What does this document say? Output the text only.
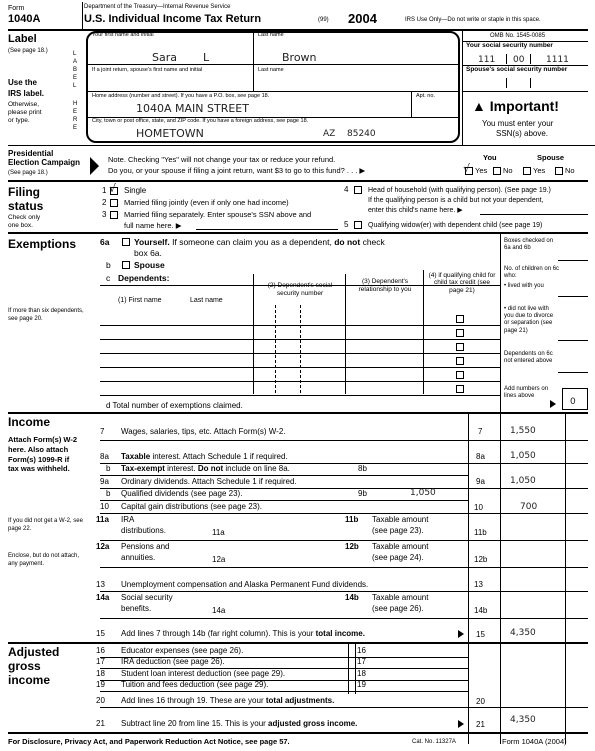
Form
1040A
Department of the Treasury—Internal Revenue Service
U.S. Individual Income Tax Return	(99) 2004	IRS Use Only—Do not write or staple in this space.
Label
(See page 18.)
Use the
IRS label.
Otherwise,
please print
or type.
L
A
B
E
L
H
E
R
E
Your first name and initial	Last name
Sara L	Brown
If a joint return, spouse's first name and initial	Last name
Home address (number and street). If you have a P.O. box, see page 18.	Apt. no.
1040A MAIN STREET
City, town or post office, state, and ZIP code. If you have a foreign address, see page 18.
HOMETOWN	AZ 85240
OMB No. 1545-0085
Your social security number
111 00 1111
Spouse's social security number
▲ Important!
You must enter your
SSN(s) above.
Presidential
Election Campaign
(See page 18.)
Note. Checking "Yes" will not change your tax or reduce your refund.
Do you, or your spouse if filing a joint return, want $3 to go to this fund? . . . ▶
You	Spouse
√ Yes No	Yes	No
Filing
status
Check only
one box.
1 √ Single
2 Married filing jointly (even if only one had income)
3 Married filing separately. Enter spouse's SSN above and
full name here. ▶
4	Head of household (with qualifying person). (See page 19.)
If the qualifying person is a child but not your dependent,
enter this child's name here. ▶
5	Qualifying widow(er) with dependent child (see page 19)
Exemptions	6a	Yourself. If someone can claim you as a dependent, do not check
box 6a.
b	Spouse
c Dependents:
(1) First name	Last name
(2) Dependent's social security number
(3) Dependent's relationship to you
(4) if qualifying child for child tax credit (see page 21)
If more than six dependents, see page 20.
d Total number of exemptions claimed.
Boxes checked on 6a and 6b
No. of children on 6c who:
• lived with you
• did not live with you due to divorce or separation (see page 21)
Dependents on 6c not entered above
Add numbers on lines above
0
Income
Attach Form(s) W-2 here. Also attach Form(s) 1099-R if tax was withheld.
If you did not get a W-2, see page 22.
Enclose, but do not attach, any payment.
7 Wages, salaries, tips, etc. Attach Form(s) W-2.	7	1,550
8a Taxable interest. Attach Schedule 1 if required.	8a	1,050
b Tax-exempt interest. Do not include on line 8a.	8b
9a Ordinary dividends. Attach Schedule 1 if required.	9a	1,050
b Qualified dividends (see page 23).	9b	1,050
10 Capital gain distributions (see page 23).	10	700
11a IRA
distributions.	11a
11b Taxable amount
(see page 23).	11b
12a Pensions and
annuities.	12a
12b Taxable amount
(see page 24).	12b
13 Unemployment compensation and Alaska Permanent Fund dividends.	13
14a Social security
benefits.	14a
14b Taxable amount
(see page 26).	14b
15 Add lines 7 through 14b (far right column). This is your total income.	15	4,350
Adjusted
gross
income
16 Educator expenses (see page 26).	16
17 IRA deduction (see page 26).	17
18 Student loan interest deduction (see page 29).	18
19 Tuition and fees deduction (see page 29).	19
20 Add lines 16 through 19. These are your total adjustments.	20
21 Subtract line 20 from line 15. This is your adjusted gross income.	21	4,350
For Disclosure, Privacy Act, and Paperwork Reduction Act Notice, see page 57.	Cat. No. 11327A	Form 1040A (2004)
